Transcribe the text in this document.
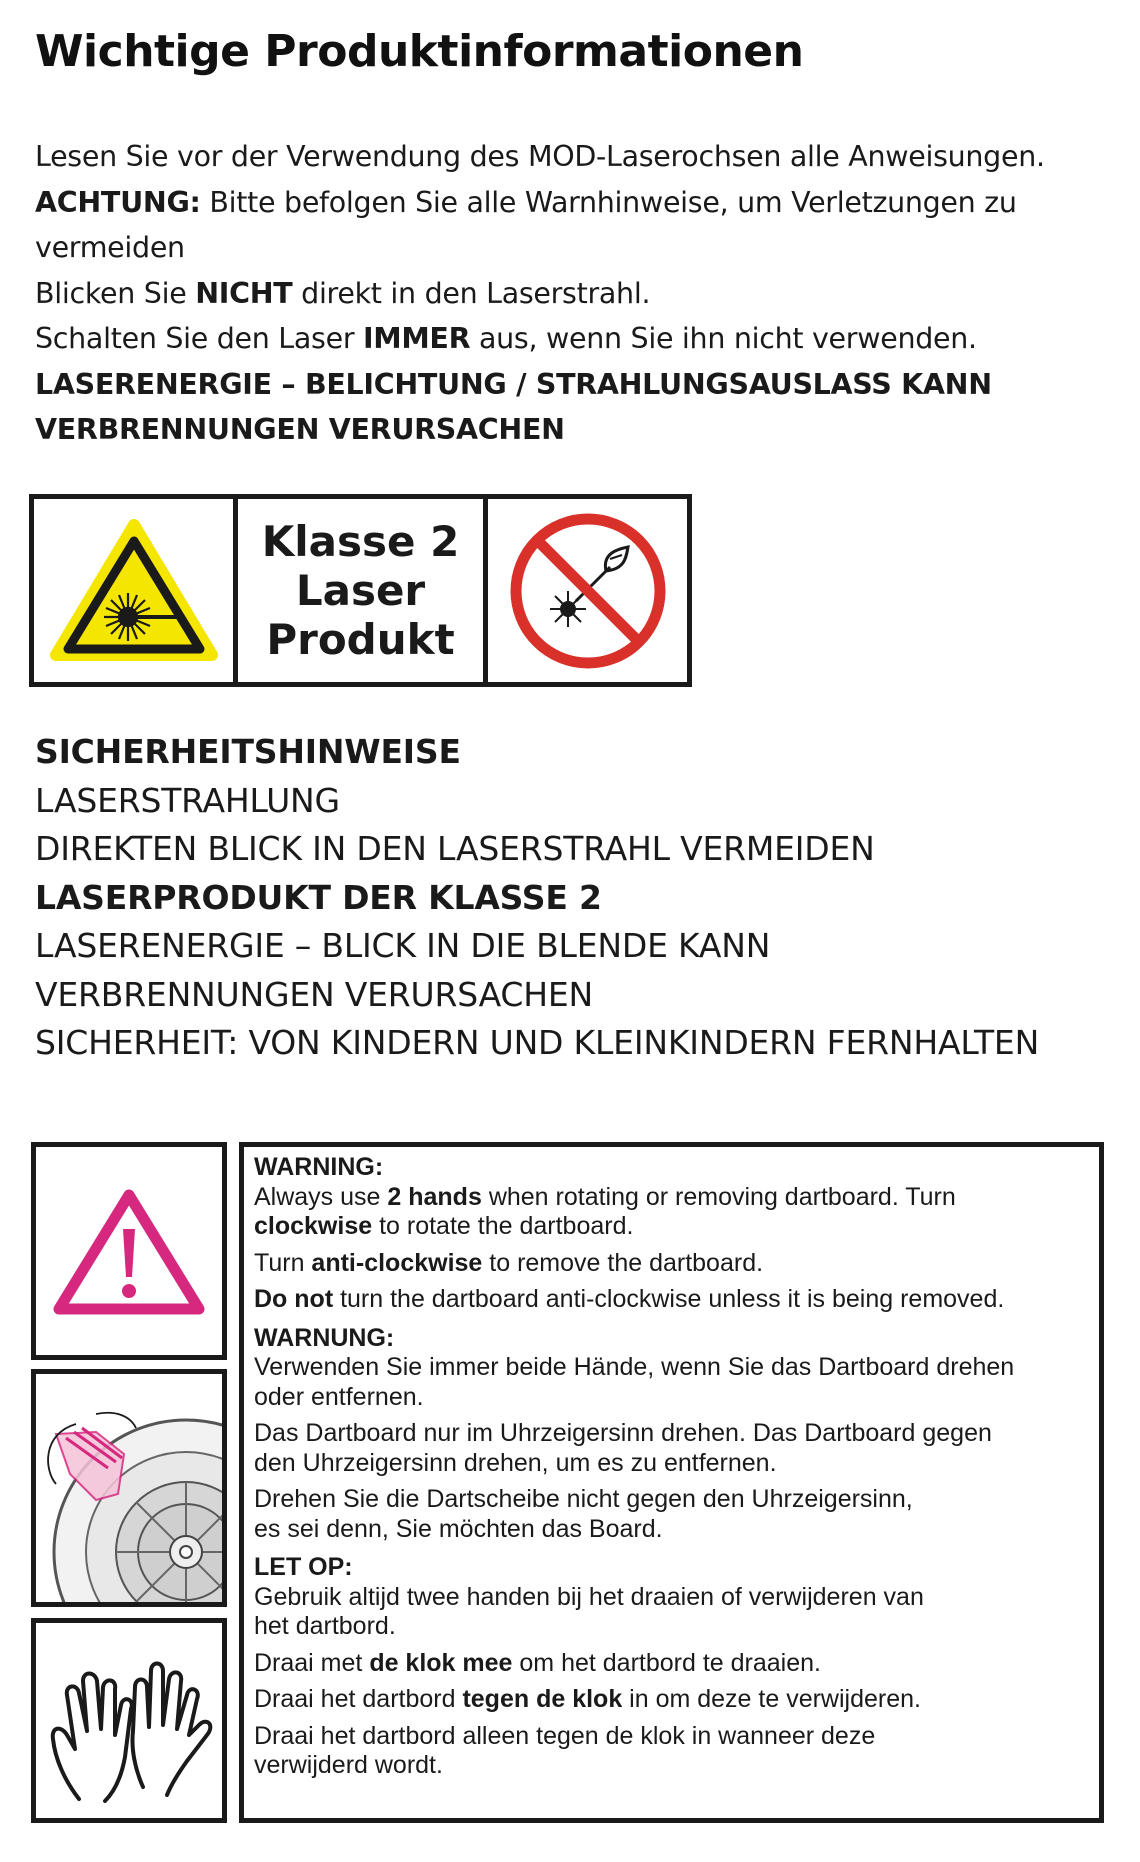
Wichtige Produktinformationen
Lesen Sie vor der Verwendung des MOD-Laserochsen alle Anweisungen.
ACHTUNG: Bitte befolgen Sie alle Warnhinweise, um Verletzungen zu
vermeiden
Blicken Sie NICHT direkt in den Laserstrahl.
Schalten Sie den Laser IMMER aus, wenn Sie ihn nicht verwenden.
LASERENERGIE – BELICHTUNG / STRAHLUNGSAUSLASS KANN
VERBRENNUNGEN VERURSACHEN
Klasse 2
Laser
Produkt
SICHERHEITSHINWEISE
LASERSTRAHLUNG
DIREKTEN BLICK IN DEN LASERSTRAHL VERMEIDEN
LASERPRODUKT DER KLASSE 2
LASERENERGIE – BLICK IN DIE BLENDE KANN
VERBRENNUNGEN VERURSACHEN
SICHERHEIT: VON KINDERN UND KLEINKINDERN FERNHALTEN

WARNING:

Always use 2 hands when rotating or removing dartboard. Turn
clockwise to rotate the dartboard.

Turn anti-clockwise to remove the dartboard.

Do not turn the dartboard anti-clockwise unless it is being removed.

WARNUNG:

Verwenden Sie immer beide Hände, wenn Sie das Dartboard drehen
oder entfernen.

Das Dartboard nur im Uhrzeigersinn drehen. Das Dartboard gegen
den Uhrzeigersinn drehen, um es zu entfernen.

Drehen Sie die Dartscheibe nicht gegen den Uhrzeigersinn,
es sei denn, Sie möchten das Board.

LET OP:

Gebruik altijd twee handen bij het draaien of verwijderen van
het dartbord.

Draai met de klok mee om het dartbord te draaien.

Draai het dartbord tegen de klok in om deze te verwijderen.

Draai het dartbord alleen tegen de klok in wanneer deze
verwijderd wordt.
